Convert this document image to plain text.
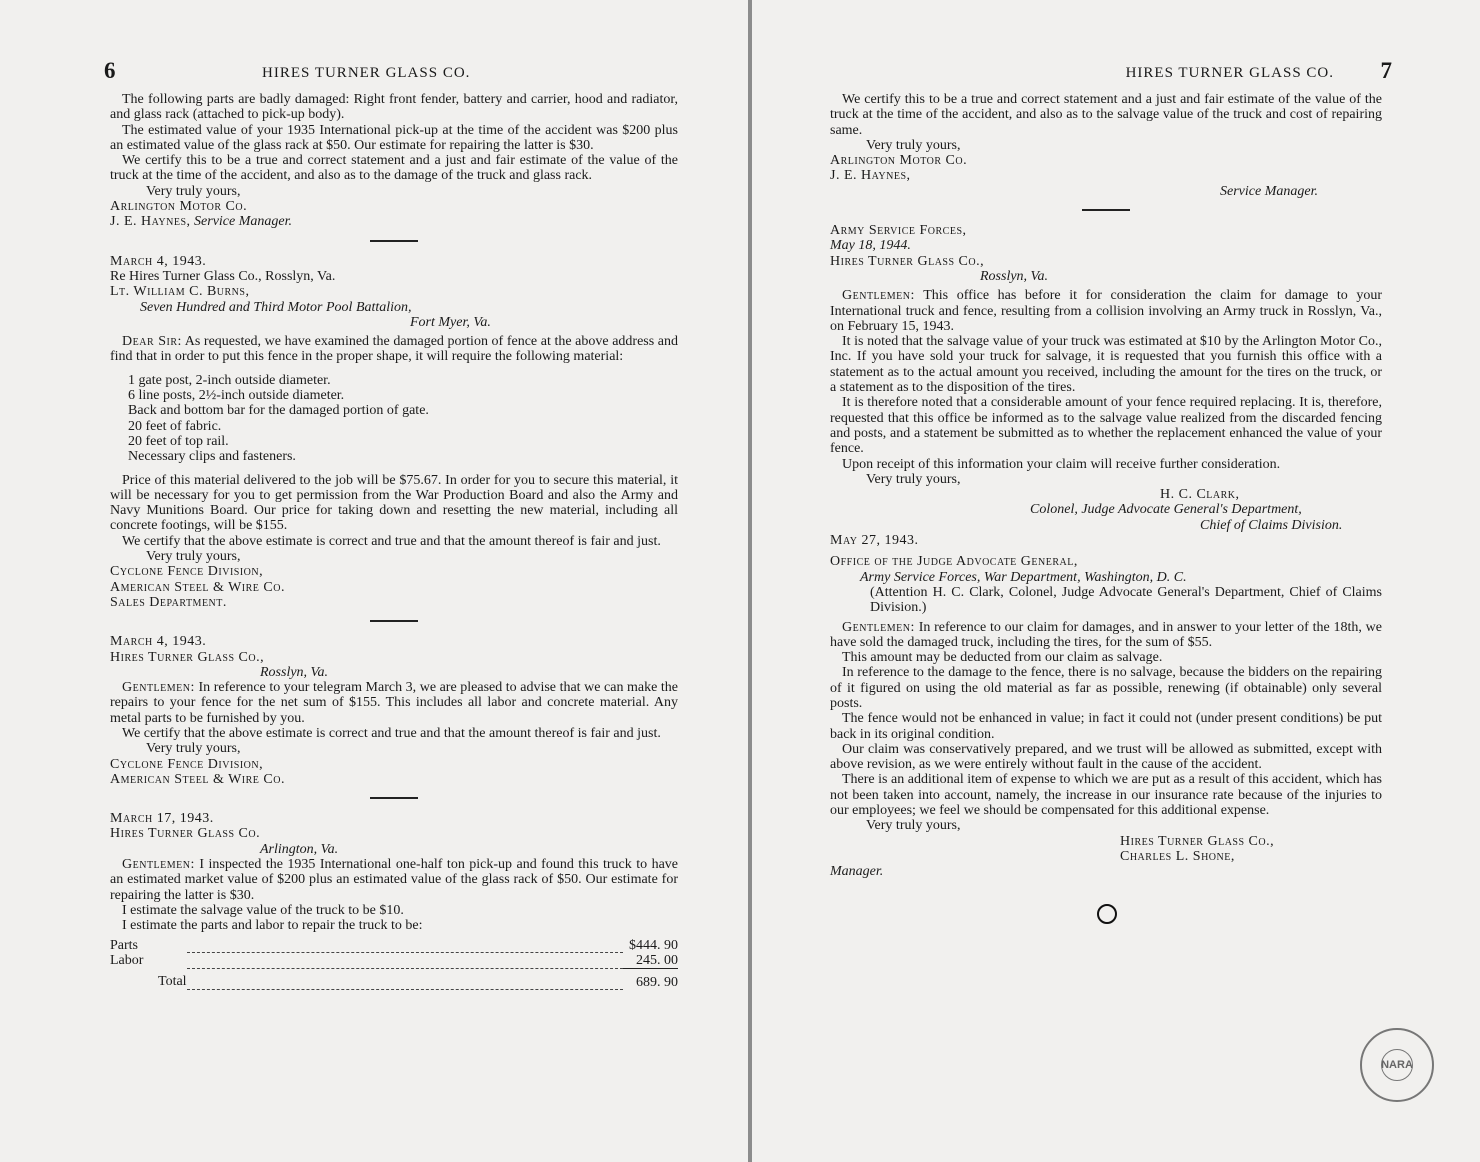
6	HIRES TURNER GLASS CO.

The following parts are badly damaged: Right front fender, battery and carrier, hood and radiator, and glass rack (attached to pick-up body).

The estimated value of your 1935 International pick-up at the time of the accident was $200 plus an estimated value of the glass rack at $50. Our estimate for repairing the latter is $30.

We certify this to be a true and correct statement and a just and fair estimate of the value of the truck at the time of the accident, and also as to the damage of the truck and glass rack.

Very truly yours,

Arlington Motor Co.

J. E. Haynes, Service Manager.

March 4, 1943.

Re Hires Turner Glass Co., Rosslyn, Va.

Lt. William C. Burns,

Seven Hundred and Third Motor Pool Battalion,

Fort Myer, Va.

Dear Sir: As requested, we have examined the damaged portion of fence at the above address and find that in order to put this fence in the proper shape, it will require the following material:

1 gate post, 2-inch outside diameter.

6 line posts, 2½-inch outside diameter.

Back and bottom bar for the damaged portion of gate.

20 feet of fabric.

20 feet of top rail.

Necessary clips and fasteners.

Price of this material delivered to the job will be $75.67. In order for you to secure this material, it will be necessary for you to get permission from the War Production Board and also the Army and Navy Munitions Board. Our price for taking down and resetting the new material, including all concrete footings, will be $155.

We certify that the above estimate is correct and true and that the amount thereof is fair and just.

Very truly yours,

Cyclone Fence Division,

American Steel & Wire Co.

Sales Department.

March 4, 1943.

Hires Turner Glass Co.,

Rosslyn, Va.

Gentlemen: In reference to your telegram March 3, we are pleased to advise that we can make the repairs to your fence for the net sum of $155. This includes all labor and concrete material. Any metal parts to be furnished by you.

We certify that the above estimate is correct and true and that the amount thereof is fair and just.

Very truly yours,

Cyclone Fence Division,

American Steel & Wire Co.

March 17, 1943.

Hires Turner Glass Co.

Arlington, Va.

Gentlemen: I inspected the 1935 International one-half ton pick-up and found this truck to have an estimated market value of $200 plus an estimated value of the glass rack of $50. Our estimate for repairing the latter is $30.

I estimate the salvage value of the truck to be $10.

I estimate the parts and labor to repair the truck to be:

Parts		$444. 90
Labor		245. 00
Total		689. 90
HIRES TURNER GLASS CO. 7

We certify this to be a true and correct statement and a just and fair estimate of the value of the truck at the time of the accident, and also as to the salvage value of the truck and cost of repairing same.

Very truly yours,

Arlington Motor Co.

J. E. Haynes,

Service Manager.

Army Service Forces,

May 18, 1944.

Hires Turner Glass Co.,

Rosslyn, Va.

Gentlemen: This office has before it for consideration the claim for damage to your International truck and fence, resulting from a collision involving an Army truck in Rosslyn, Va., on February 15, 1943.

It is noted that the salvage value of your truck was estimated at $10 by the Arlington Motor Co., Inc. If you have sold your truck for salvage, it is requested that you furnish this office with a statement as to the actual amount you received, including the amount for the tires on the truck, or a statement as to the disposition of the tires.

It is therefore noted that a considerable amount of your fence required replacing. It is, therefore, requested that this office be informed as to the salvage value realized from the discarded fencing and posts, and a statement be submitted as to whether the replacement enhanced the value of your fence.

Upon receipt of this information your claim will receive further consideration.

Very truly yours,

H. C. Clark,

Colonel, Judge Advocate General's Department,

Chief of Claims Division.

May 27, 1943.

Office of the Judge Advocate General,

Army Service Forces, War Department, Washington, D. C.

(Attention H. C. Clark, Colonel, Judge Advocate General's Department, Chief of Claims Division.)

Gentlemen: In reference to our claim for damages, and in answer to your letter of the 18th, we have sold the damaged truck, including the tires, for the sum of $55.

This amount may be deducted from our claim as salvage.

In reference to the damage to the fence, there is no salvage, because the bidders on the repairing of it figured on using the old material as far as possible, renewing (if obtainable) only several posts.

The fence would not be enhanced in value; in fact it could not (under present conditions) be put back in its original condition.

Our claim was conservatively prepared, and we trust will be allowed as submitted, except with above revision, as we were entirely without fault in the cause of the accident.

There is an additional item of expense to which we are put as a result of this accident, which has not been taken into account, namely, the increase in our insurance rate because of the injuries to our employees; we feel we should be compensated for this additional expense.

Very truly yours,

Hires Turner Glass Co.,

Charles L. Shone,

Manager.

NARA
